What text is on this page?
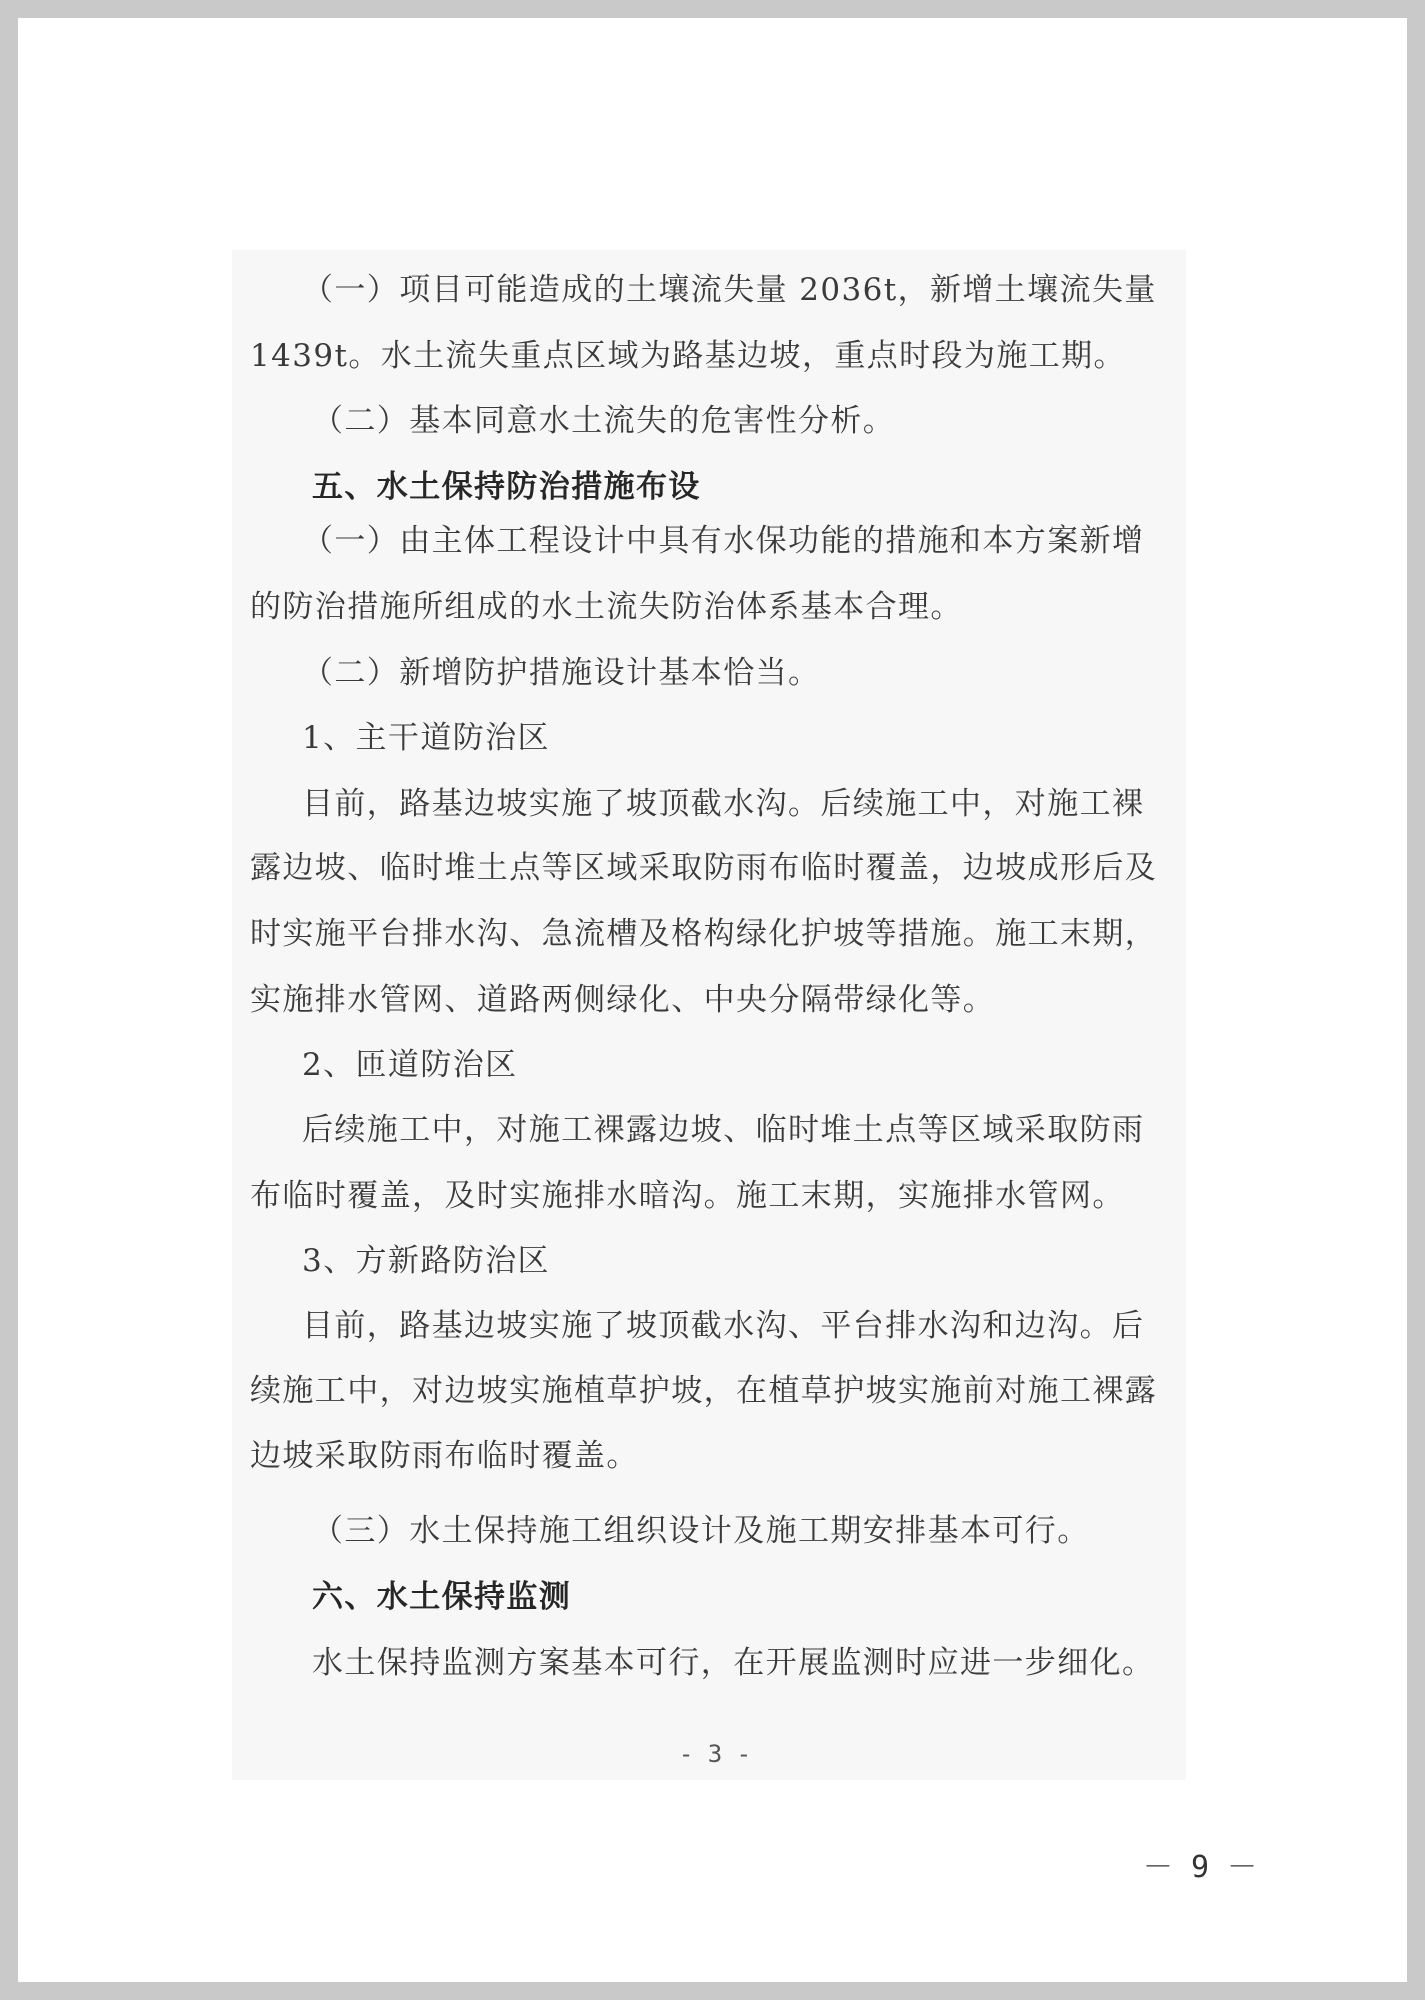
（一）项目可能造成的土壤流失量 2036t，新增土壤流失量
1439t。水土流失重点区域为路基边坡，重点时段为施工期。
（二）基本同意水土流失的危害性分析。
五、水土保持防治措施布设
（一）由主体工程设计中具有水保功能的措施和本方案新增
的防治措施所组成的水土流失防治体系基本合理。
（二）新增防护措施设计基本恰当。
1、主干道防治区
目前，路基边坡实施了坡顶截水沟。后续施工中，对施工裸
露边坡、临时堆土点等区域采取防雨布临时覆盖，边坡成形后及
时实施平台排水沟、急流槽及格构绿化护坡等措施。施工末期，
实施排水管网、道路两侧绿化、中央分隔带绿化等。
2、匝道防治区
后续施工中，对施工裸露边坡、临时堆土点等区域采取防雨
布临时覆盖，及时实施排水暗沟。施工末期，实施排水管网。
3、方新路防治区
目前，路基边坡实施了坡顶截水沟、平台排水沟和边沟。后
续施工中，对边坡实施植草护坡，在植草护坡实施前对施工裸露
边坡采取防雨布临时覆盖。
（三）水土保持施工组织设计及施工期安排基本可行。
六、水土保持监测
水土保持监测方案基本可行，在开展监测时应进一步细化。
- 3 -
－ 9 －
